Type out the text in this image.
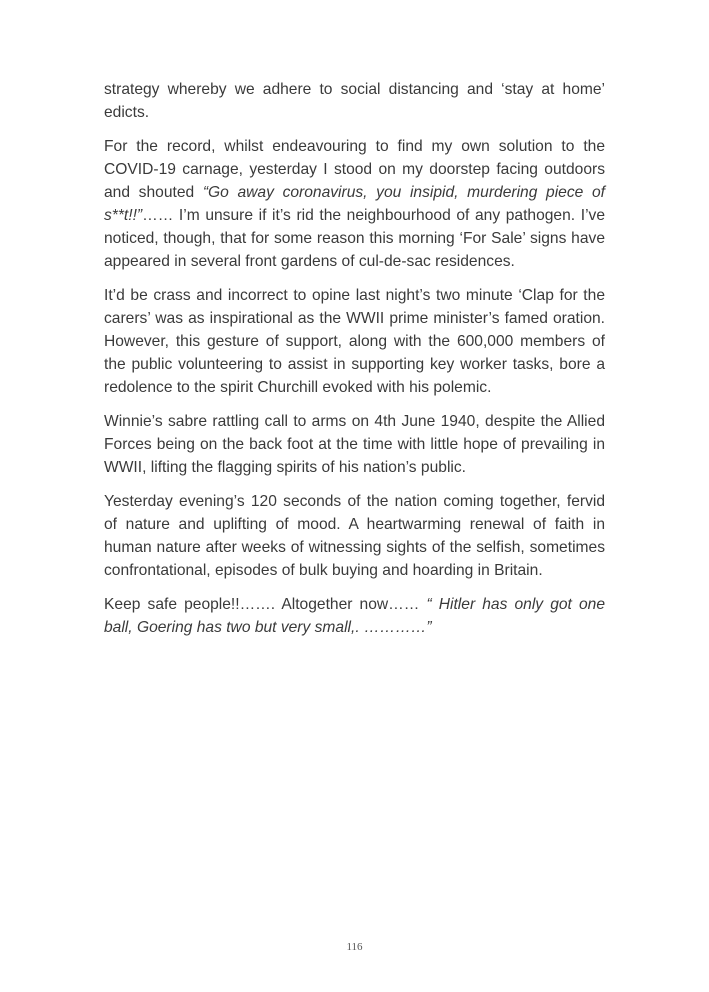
strategy whereby we adhere to social distancing and ‘stay at home’ edicts.

For the record, whilst endeavouring to find my own solution to the COVID-19 carnage, yesterday I stood on my doorstep facing outdoors and shouted “Go away coronavirus, you insipid, murdering piece of s**t!!”…… I’m unsure if it’s rid the neighbourhood of any pathogen. I’ve noticed, though, that for some reason this morning ‘For Sale’ signs have appeared in several front gardens of cul-de-sac residences.

It’d be crass and incorrect to opine last night’s two minute ‘Clap for the carers’ was as inspirational as the WWII prime minister’s famed oration. However, this gesture of support, along with the 600,000 members of the public volunteering to assist in supporting key worker tasks, bore a redolence to the spirit Churchill evoked with his polemic.

Winnie’s sabre rattling call to arms on 4th June 1940, despite the Allied Forces being on the back foot at the time with little hope of prevailing in WWII, lifting the flagging spirits of his nation’s public.

Yesterday evening’s 120 seconds of the nation coming together, fervid of nature and uplifting of mood. A heartwarming renewal of faith in human nature after weeks of witnessing sights of the selfish, sometimes confrontational, episodes of bulk buying and hoarding in Britain.

Keep safe people!!……. Altogether now…… “ Hitler has only got one ball, Goering has two but very small,. …………”

116
